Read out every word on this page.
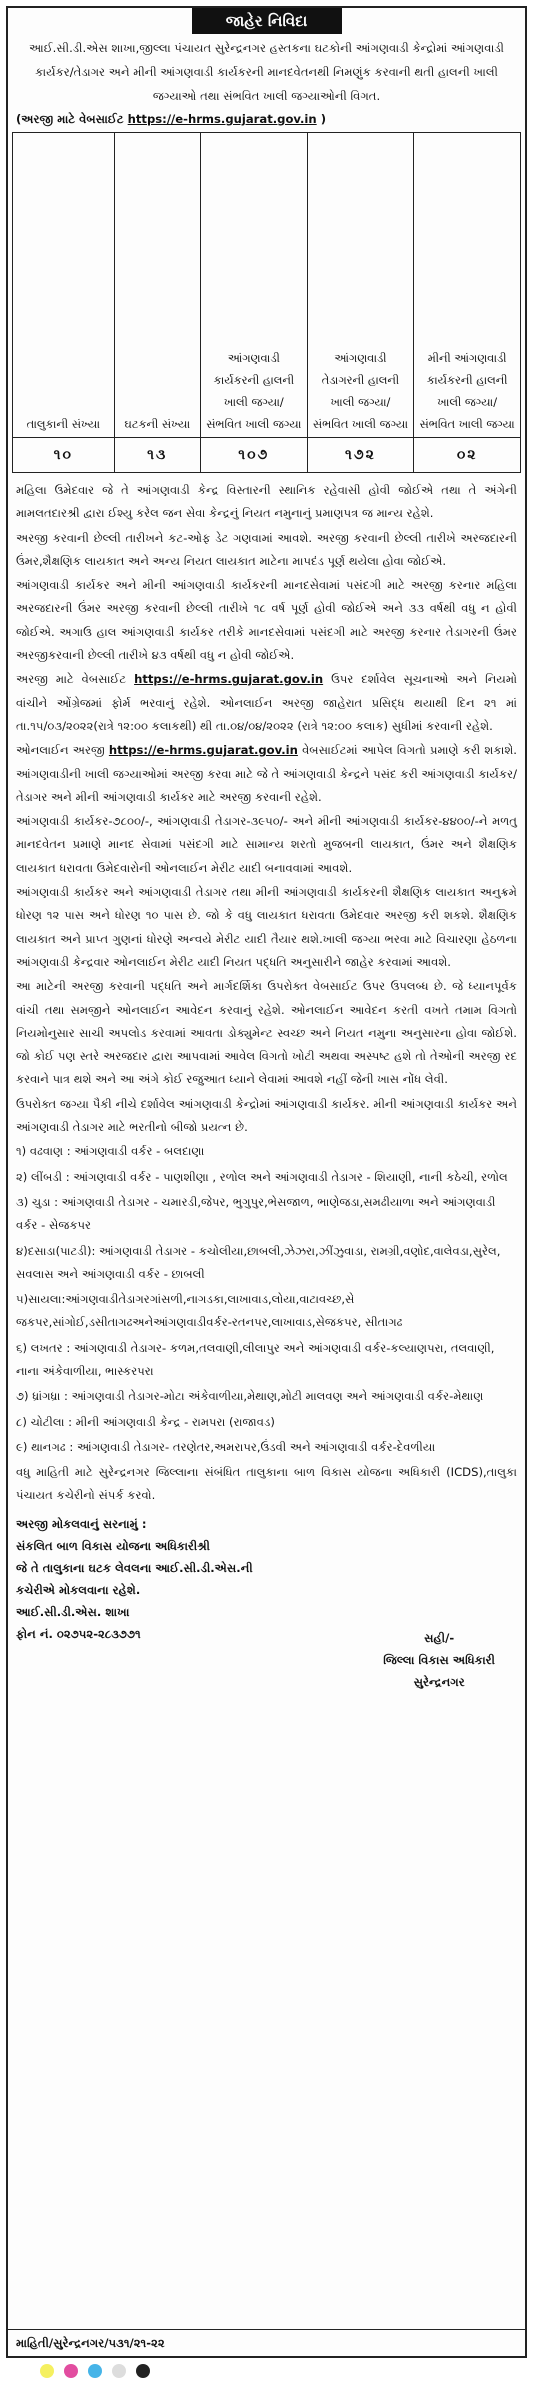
જાહેર નિવિદા
આઈ.સી.ડી.એસ શાખા,જીલ્લા પંચાયત સુરેન્દ્રનગર હસ્તકના ઘટકોની આંગણવાડી કેન્દ્રોમાં આંગણવાડી કાર્યકર/તેડાગર અને મીની આંગણવાડી કાર્યકરની માનદવેતનથી નિમણુંક કરવાની થતી હાલની ખાલી જગ્યાઓ તથા સંભવિત ખાલી જગ્યાઓની વિગત.
(અરજી માટે વેબસાઈટ https://e-hrms.gujarat.gov.in )
તાલુકાની સંખ્યા	ઘટકની સંખ્યા	આંગણવાડી કાર્યકરની હાલની ખાલી જગ્યા/ સંભવિત ખાલી જગ્યા	આંગણવાડી તેડાગરની હાલની ખાલી જગ્યા/ સંભવિત ખાલી જગ્યા	મીની આંગણવાડી કાર્યકરની હાલની ખાલી જગ્યા/ સંભવિત ખાલી જગ્યા
૧૦	૧૩	૧૦૭	૧૭૨	૦૨

મહિલા ઉમેદવાર જે તે આંગણવાડી કેન્દ્ર વિસ્તારની સ્થાનિક રહેવાસી હોવી જોઈએ તથા તે અંગેની મામલતદારશ્રી દ્વારા ઈશ્યુ કરેલ જન સેવા કેન્દ્રનું નિયત નમુનાનું પ્રમાણપત્ર જ માન્ય રહેશે.

અરજી કરવાની છેલ્લી તારીખને કટ-ઓફ ડેટ ગણવામાં આવશે. અરજી કરવાની છેલ્લી તારીખે અરજદારની ઉંમર,શૈક્ષણિક લાયકાત અને અન્ય નિયત લાયકાત માટેના માપદંડ પૂર્ણ થયેલા હોવા જોઈએ.

આંગણવાડી કાર્યકર અને મીની આંગણવાડી કાર્યકરની માનદસેવામાં પસંદગી માટે અરજી કરનાર મહિલા અરજદારની ઉંમર અરજી કરવાની છેલ્લી તારીખે ૧૮ વર્ષ પૂર્ણ હોવી જોઈએ અને ૩૩ વર્ષથી વધુ ન હોવી જોઈએ. અગાઉ હાલ આંગણવાડી કાર્યકર તરીકે માનદસેવામાં પસંદગી માટે અરજી કરનાર તેડાગરની ઉંમર અરજીકરવાની છેલ્લી તારીખે ૪૩ વર્ષથી વધુ ન હોવી જોઈએ.

અરજી માટે વેબસાઈટ https://e-hrms.gujarat.gov.in ઉપર દર્શાવેલ સૂચનાઓ અને નિયમો વાંચીને ઓંગ્રેજમાં ફોર્મ ભરવાનું રહેશે. ઓનલાઈન અરજી જાહેરાત પ્રસિદ્ધ થયાથી દિન ૨૧ માં તા.૧૫/૦૩/૨૦૨૨(રાત્રે ૧૨:૦૦ કલાકથી) થી તા.૦૪/૦૪/૨૦૨૨ (રાત્રે ૧૨:૦૦ કલાક) સુધીમાં કરવાની રહેશે.

ઓનલાઈન અરજી https://e-hrms.gujarat.gov.in વેબસાઈટમાં આપેલ વિગતો પ્રમાણે કરી શકાશે. આંગણવાડીની ખાલી જગ્યાઓમાં અરજી કરવા માટે જે તે આંગણવાડી કેન્દ્રને પસંદ કરી આંગણવાડી કાર્યકર/તેડાગર અને મીની આંગણવાડી કાર્યકર માટે અરજી કરવાની રહેશે.

આંગણવાડી કાર્યકર-૭૮૦૦/-, આંગણવાડી તેડાગર-૩૯૫૦/- અને મીની આંગણવાડી કાર્યકર-૪૪૦૦/-ને મળતુ માનદવેતન પ્રમાણે માનદ સેવામાં પસંદગી માટે સામાન્ય શરતો મુજબની લાયકાત, ઉંમર અને શૈક્ષણિક લાયકાત ધરાવતા ઉમેદવારોની ઓનલાઈન મેરીટ યાદી બનાવવામાં આવશે.

આંગણવાડી કાર્યકર અને આંગણવાડી તેડાગર તથા મીની આંગણવાડી કાર્યકરની શૈક્ષણિક લાયકાત અનુક્રમે ધોરણ ૧૨ પાસ અને ધોરણ ૧૦ પાસ છે. જો કે વધુ લાયકાત ધરાવતા ઉમેદવાર અરજી કરી શકશે. શૈક્ષણિક લાયકાત અને પ્રાપ્ત ગુણનાં ધોરણે અન્વયે મેરીટ યાદી તૈયાર થશે.ખાલી જગ્યા ભરવા માટે વિચારણા હેઠળના આંગણવાડી કેન્દ્રવાર ઓનલાઈન મેરીટ યાદી નિયત પદ્ધતિ અનુસારીને જાહેર કરવામાં આવશે.

આ માટેની અરજી કરવાની પદ્ધતિ અને માર્ગદર્શિકા ઉપરોક્ત વેબસાઈટ ઉપર ઉપલબ્ધ છે. જે ધ્યાનપૂર્વક વાંચી તથા સમજીને ઓનલાઈન આવેદન કરવાનું રહેશે. ઓનલાઈન આવેદન કરતી વખતે તમામ વિગતો નિયમોનુસાર સાચી અપલોડ કરવામાં આવતા ડોક્યુમેન્ટ સ્વચ્છ અને નિયત નમુના અનુસારના હોવા જોઈશે. જો કોઈ પણ સ્તરે અરજદાર દ્વારા આપવામાં આવેલ વિગતો ખોટી અથવા અસ્પષ્ટ હશે તો તેઓની અરજી રદ કરવાને પાત્ર થશે અને આ અંગે કોઈ રજુઆત ધ્યાને લેવામાં આવશે નહીં જેની ખાસ નોંધ લેવી.

ઉપરોક્ત જગ્યા પૈકી નીચે દર્શાવેલ આંગણવાડી કેન્દ્રોમાં આંગણવાડી કાર્યકર. મીની આંગણવાડી કાર્યકર અને આંગણવાડી તેડાગર માટે ભરતીનો બીજો પ્રયત્ન છે.

૧) વઢવાણ : આંગણવાડી વર્કર - બલદાણા
૨) લીંબડી : આંગણવાડી વર્કર - પાણશીણા , રળોલ અને આંગણવાડી તેડાગર - શિયાણી, નાની કઠેચી, રળોલ
૩) ચુડા : આંગણવાડી તેડાગર - ચમારડી,જેપર, ભુગુપુર,ભેસજાળ, ભાણેજડા,સમઢીયાળા અને આંગણવાડી વર્કર - સેજકપર
૪)દસાડા(પાટડી): આંગણવાડી તેડાગર - કચોલીયા,છાબલી,ઝેઝરા,ઝીંઝુવાડા, રામગ્રી,વણોદ,વાલેવડા,સુરેલ, સવલાસ અને આંગણવાડી વર્કર - છાબલી
૫)સાયલા:આંગણવાડીતેડાગરગાંસળી,નાગડકા,લાખાવાડ,લોયા,વાટાવચ્છ,સે જકપર,સાંગોઈ,ડસીતાગઢઅનેઆંગણવાડીવર્કર-રતનપર,લાખાવાડ,સેજકપર, સીતાગઢ
૬) લખતર : આંગણવાડી તેડાગર- કળમ,તલવાણી,લીલાપુર અને આંગણવાડી વર્કર-કલ્યાણપરા, તલવાણી, નાના અંકેવાળીયા, ભાસ્કરપરા
૭) ધ્રાંગધ્રા : આંગણવાડી તેડાગર-મોટા અંકેવાળીયા,મેથાણ,મોટી માલવણ અને આંગણવાડી વર્કર-મેથાણ
૮) ચોટીલા : મીની આંગણવાડી કેન્દ્ર - રામપરા (રાજાવડ)
૯) થાનગઢ : આંગણવાડી તેડાગર- તરણેતર,અમરાપર,ઉંડવી અને આંગણવાડી વર્કર-દેવળીયા

વધુ માહિતી માટે સુરેન્દ્રનગર જિલ્લાના સંબંધિત તાલુકાના બાળ વિકાસ યોજના અધિકારી (ICDS),તાલુકા પંચાયત કચેરીનો સંપર્ક કરવો.

અરજી મોકલવાનું સરનામું :
સંકલિત બાળ વિકાસ યોજના અધિકારીશ્રી
જે તે તાલુકાના ઘટક લેવલના આઈ.સી.ડી.એસ.ની
કચેરીએ મોકલવાના રહેશે.
આઈ.સી.ડી.એસ. શાખા
ફોન નં. ૦૨૭૫૨-૨૮૩૭૭૧	સહી/-
જિલ્લા વિકાસ અધિકારી
સુરેન્દ્રનગર
માહિતી/સુરેન્દ્રનગર/૫૩૧/૨૧-૨૨
